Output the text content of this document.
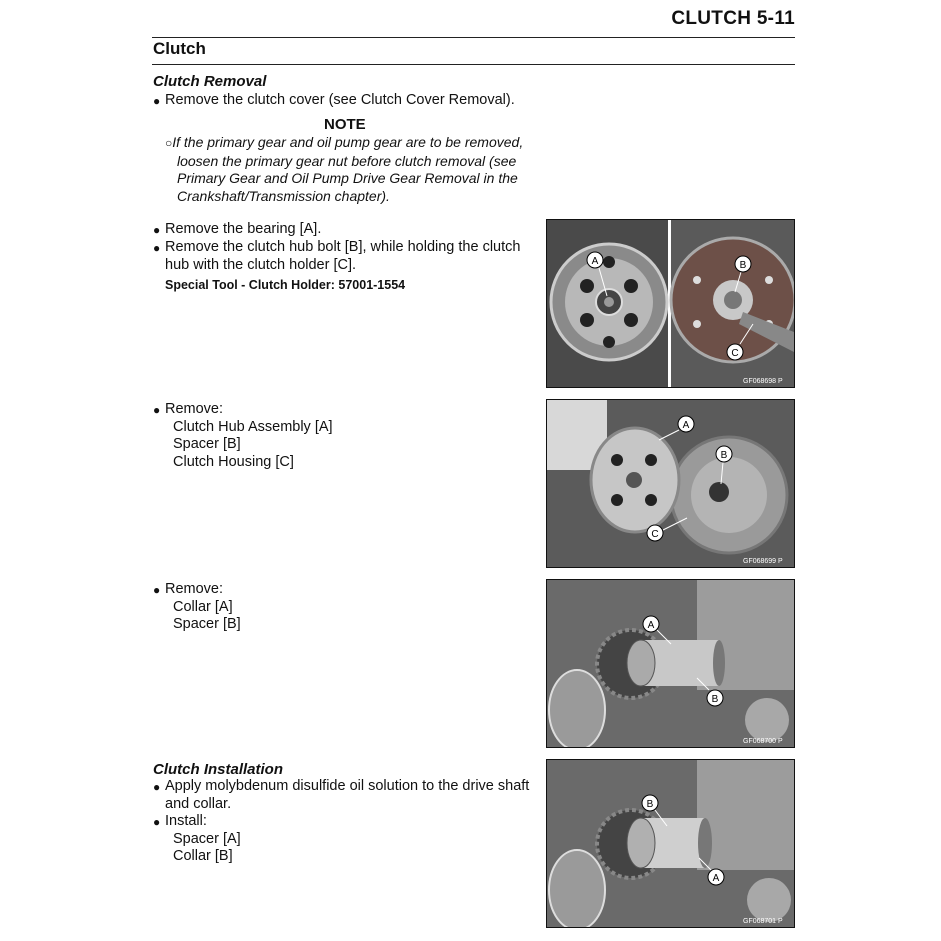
CLUTCH 5-11
Clutch
Clutch Removal
● Remove the clutch cover (see Clutch Cover Removal).
NOTE
○If the primary gear and oil pump gear are to be removed,
loosen the primary gear nut before clutch removal (see
Primary Gear and Oil Pump Drive Gear Removal in the
Crankshaft/Transmission chapter).
● Remove the bearing [A].
● Remove the clutch hub bolt [B], while holding the clutch
hub with the clutch holder [C].
Special Tool - Clutch Holder: 57001-1554
● Remove:
Clutch Hub Assembly [A]
Spacer [B]
Clutch Housing [C]
● Remove:
Collar [A]
Spacer [B]
Clutch Installation
● Apply molybdenum disulfide oil solution to the drive shaft
and collar.
● Install:
Spacer [A]
Collar [B]
A	B
C
GF068698 P
A
B
C
GF068699 P
A
B
GF068700 P
B
A
GF068701 P
